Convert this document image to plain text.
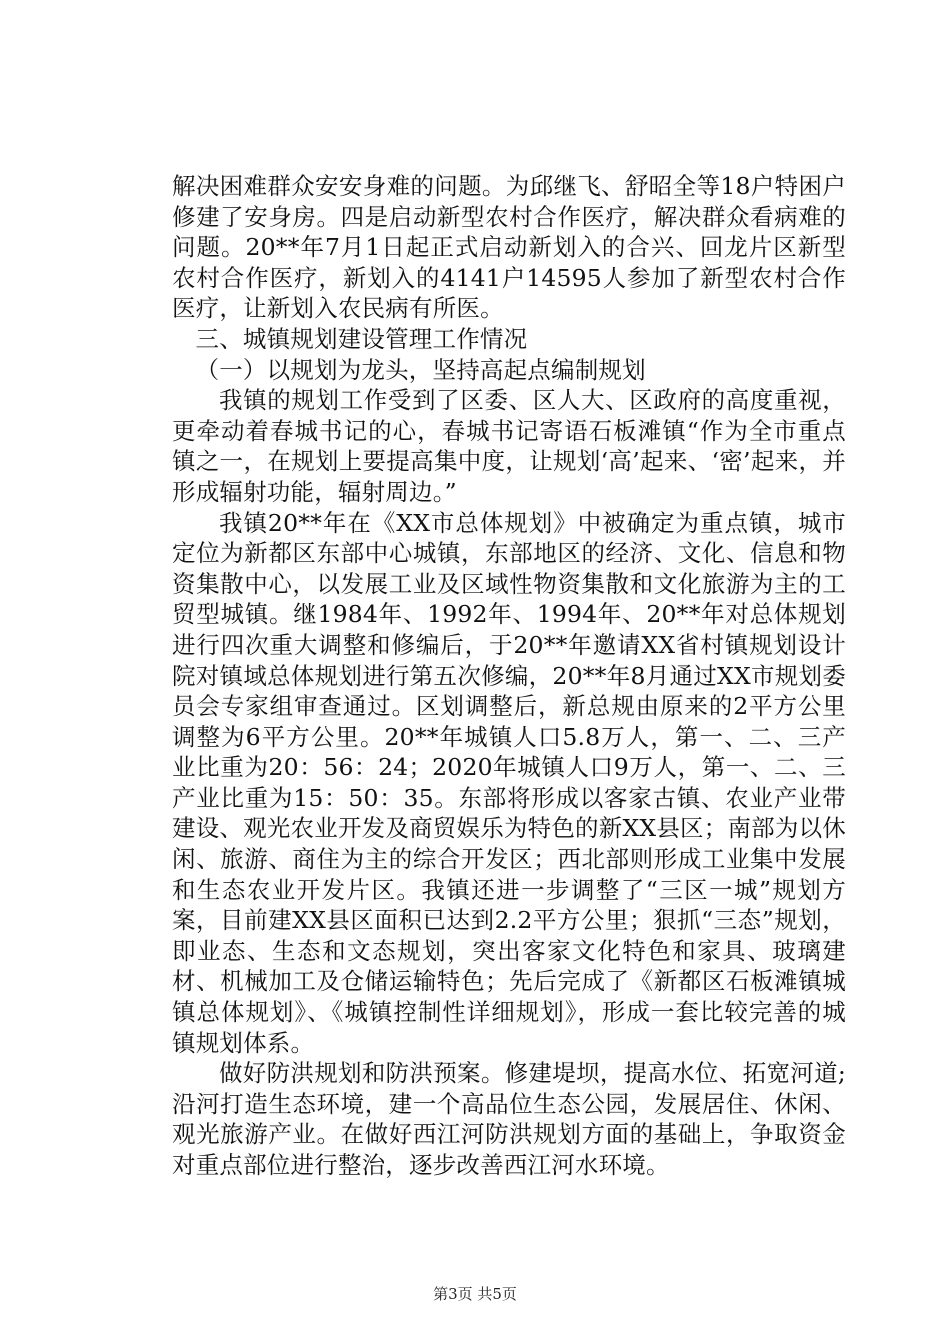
解决困难群众安安身难的问题。为邱继飞、舒昭全等18户特困户修建了安身房。四是启动新型农村合作医疗，解决群众看病难的问题。20**年7月1日起正式启动新划入的合兴、回龙片区新型农村合作医疗，新划入的4141户14595人参加了新型农村合作医疗，让新划入农民病有所医。

三、城镇规划建设管理工作情况

（一）以规划为龙头，坚持高起点编制规划

我镇的规划工作受到了区委、区人大、区政府的高度重视，更牵动着春城书记的心，春城书记寄语石板滩镇“作为全市重点镇之一，在规划上要提高集中度，让规划‘高’起来、‘密’起来，并形成辐射功能，辐射周边。”

我镇20**年在《XX市总体规划》中被确定为重点镇，城市定位为新都区东部中心城镇，东部地区的经济、文化、信息和物资集散中心，以发展工业及区域性物资集散和文化旅游为主的工贸型城镇。继1984年、1992年、1994年、20**年对总体规划进行四次重大调整和修编后，于20**年邀请XX省村镇规划设计院对镇域总体规划进行第五次修编，20**年8月通过XX市规划委员会专家组审查通过。区划调整后，新总规由原来的2平方公里调整为6平方公里。20**年城镇人口5.8万人，第一、二、三产业比重为20：56：24；2020年城镇人口9万人，第一、二、三产业比重为15：50：35。东部将形成以客家古镇、农业产业带建设、观光农业开发及商贸娱乐为特色的新XX县区；南部为以休闲、旅游、商住为主的综合开发区；西北部则形成工业集中发展和生态农业开发片区。我镇还进一步调整了“三区一城”规划方案，目前建XX县区面积已达到2.2平方公里；狠抓“三态”规划，即业态、生态和文态规划，突出客家文化特色和家具、玻璃建材、机械加工及仓储运输特色；先后完成了《新都区石板滩镇城镇总体规划》、《城镇控制性详细规划》，形成一套比较完善的城镇规划体系。

做好防洪规划和防洪预案。修建堤坝，提高水位、拓宽河道;沿河打造生态环境，建一个高品位生态公园，发展居住、休闲、观光旅游产业。在做好西江河防洪规划方面的基础上，争取资金对重点部位进行整治，逐步改善西江河水环境。

第3页 共5页
